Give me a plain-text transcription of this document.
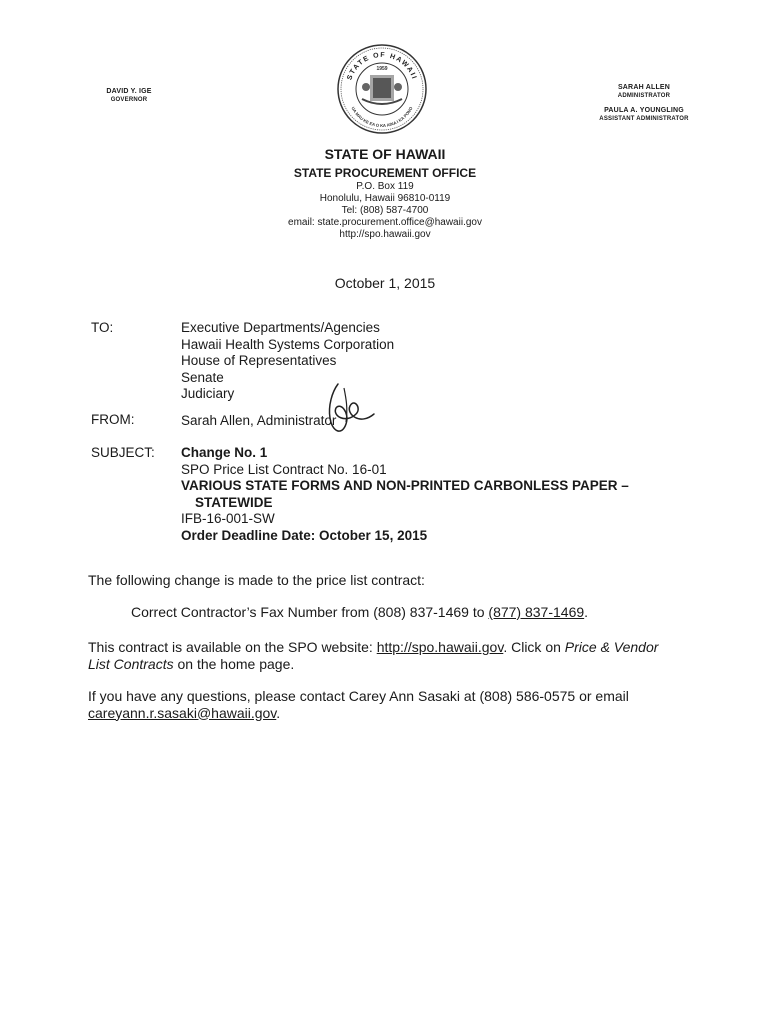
DAVID Y. IGE
GOVERNOR
STATE OF HAWAII
UA MAU KE EA O KA AINA I KA PONO
1959
SARAH ALLEN
ADMINISTRATOR
PAULA A. YOUNGLING
ASSISTANT ADMINISTRATOR
STATE OF HAWAII
STATE PROCUREMENT OFFICE
P.O. Box 119
Honolulu, Hawaii 96810-0119
Tel: (808) 587-4700
email: state.procurement.office@hawaii.gov
http://spo.hawaii.gov
October 1, 2015
TO:	Executive Departments/Agencies
Hawaii Health Systems Corporation
House of Representatives
Senate
Judiciary
FROM:	Sarah Allen, Administrator
SUBJECT: Change No. 1
SPO Price List Contract No. 16-01
VARIOUS STATE FORMS AND NON-PRINTED CARBONLESS PAPER –
STATEWIDE
IFB-16-001-SW
Order Deadline Date: October 15, 2015
The following change is made to the price list contract:
Correct Contractor’s Fax Number from (808) 837-1469 to (877) 837-1469.
This contract is available on the SPO website: http://spo.hawaii.gov. Click on Price & Vendor
List Contracts on the home page.
If you have any questions, please contact Carey Ann Sasaki at (808) 586-0575 or email
careyann.r.sasaki@hawaii.gov.
